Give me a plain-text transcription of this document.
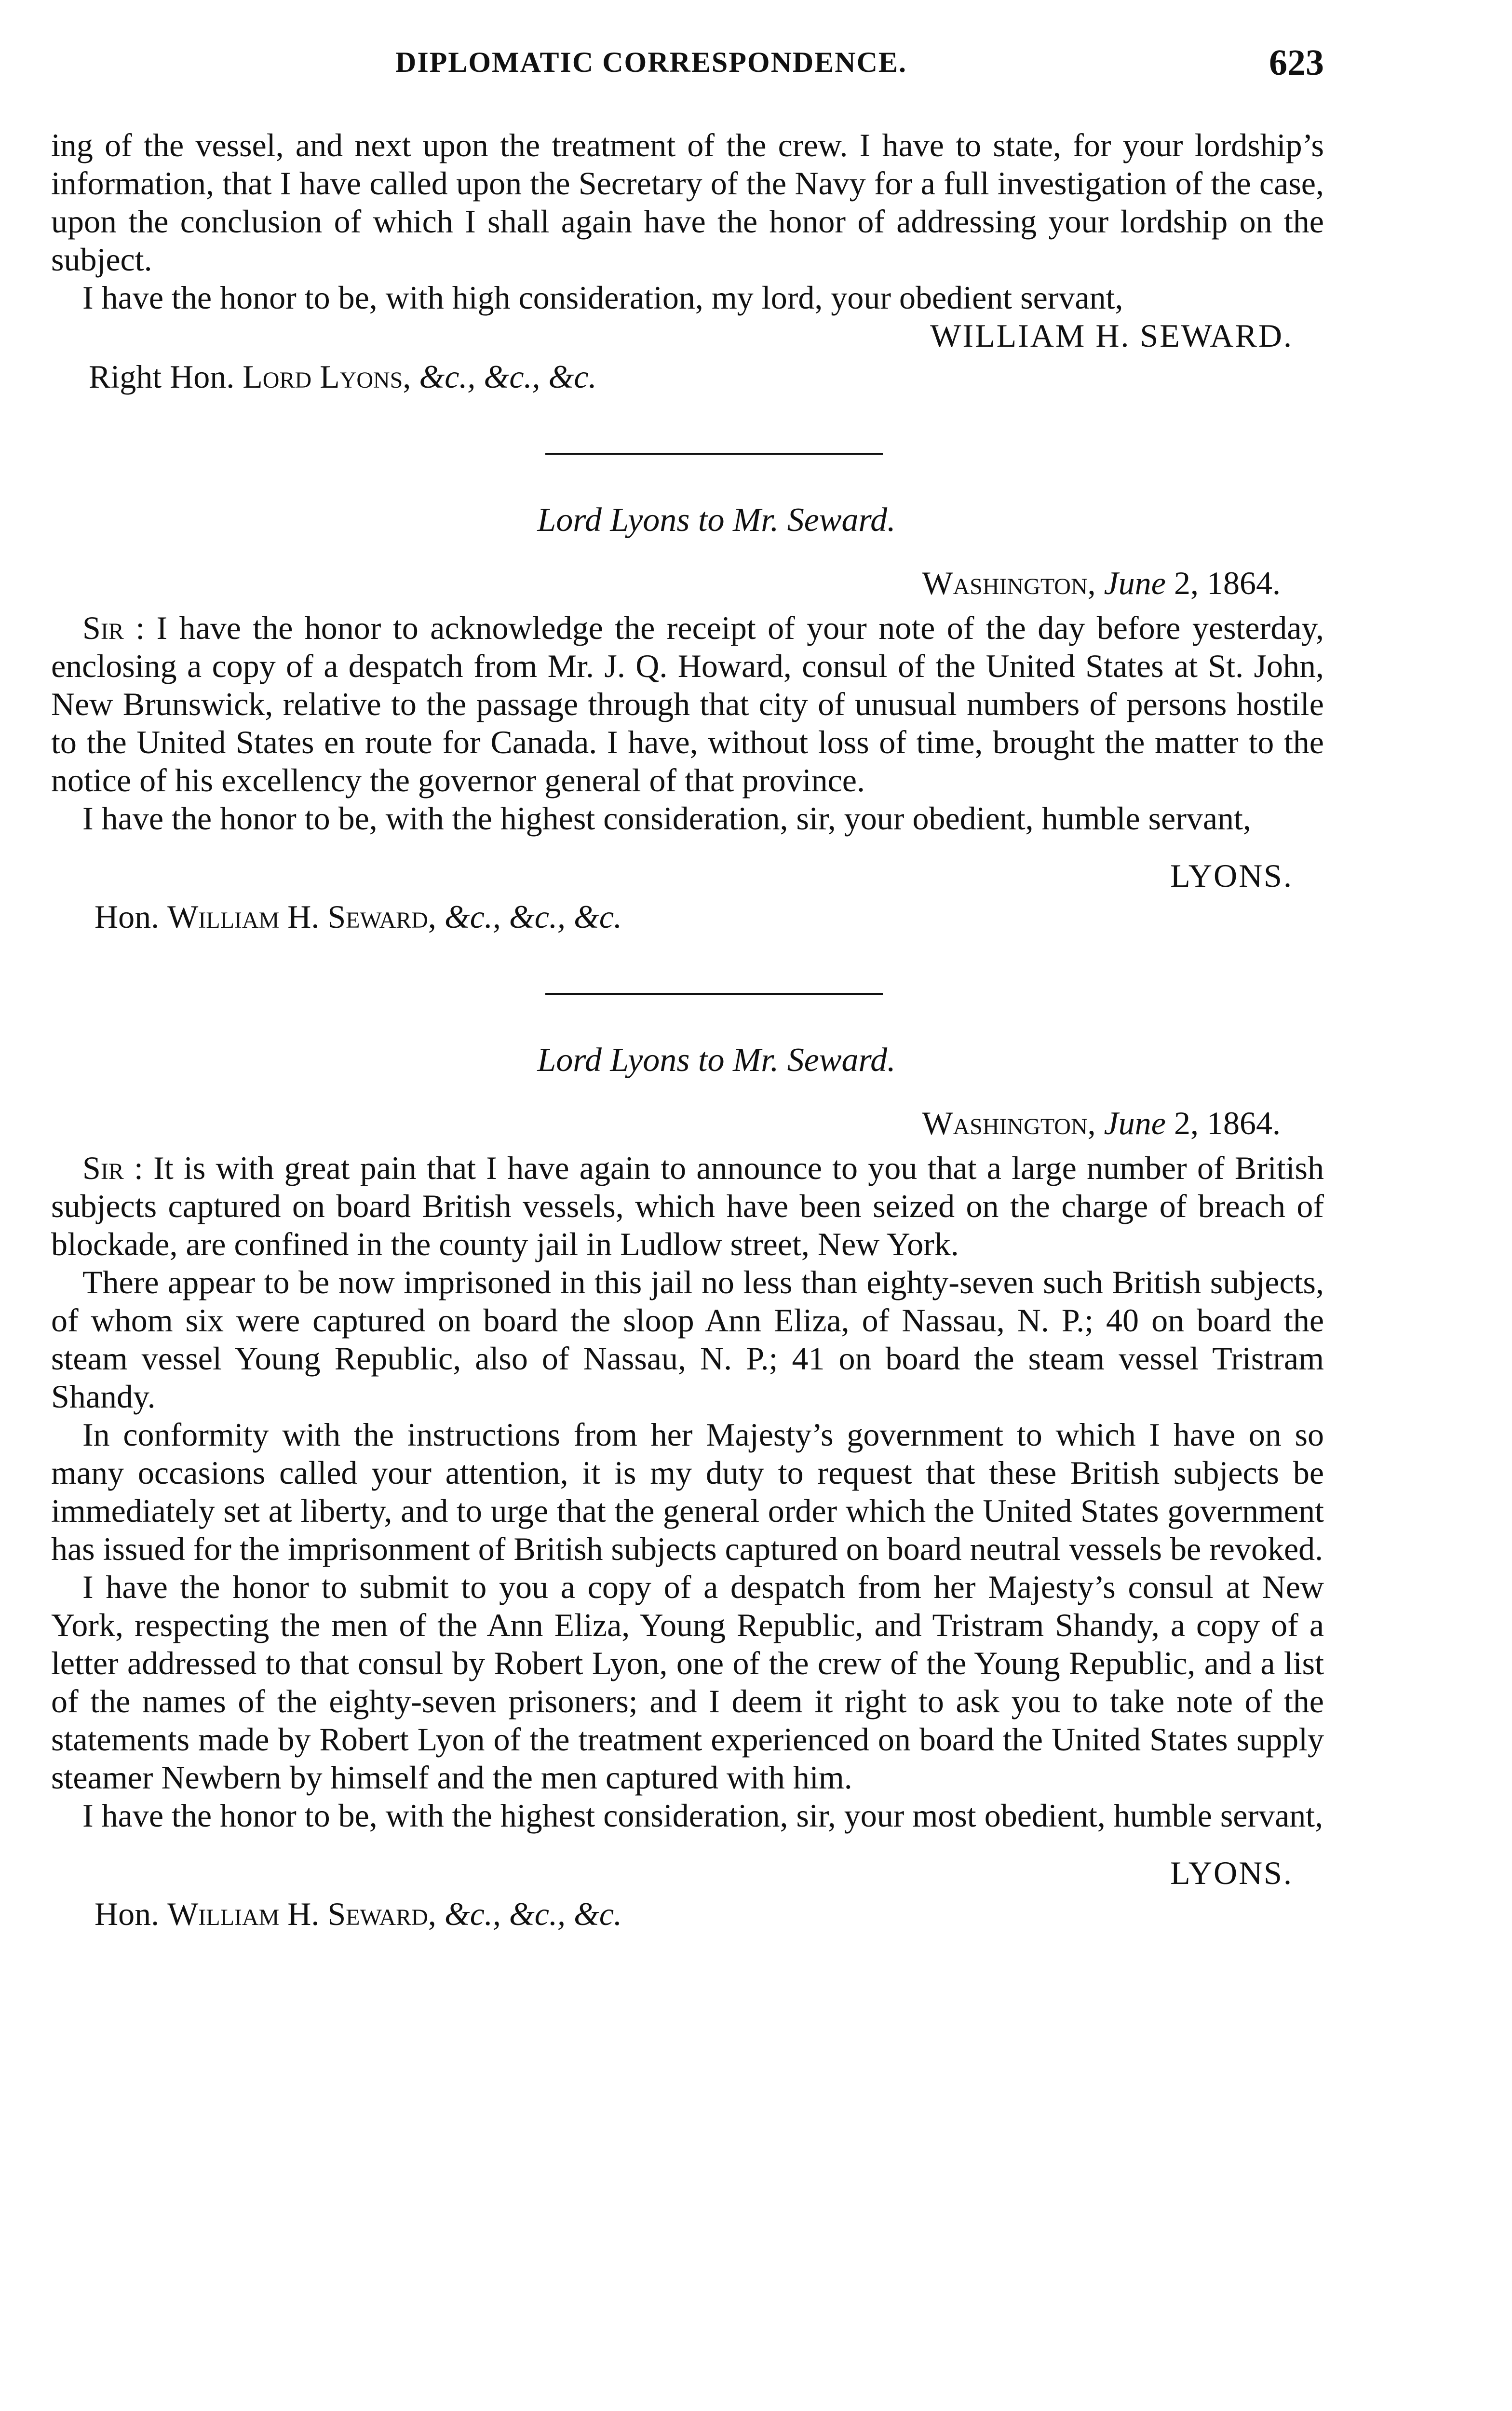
DIPLOMATIC CORRESPONDENCE.	623

ing of the vessel, and next upon the treatment of the crew. I have to state, for your lordship’s information, that I have called upon the Secretary of the Navy for a full investigation of the case, upon the conclusion of which I shall again have the honor of addressing your lordship on the subject.

I have the honor to be, with high consideration, my lord, your obedient servant,

WILLIAM H. SEWARD.

Right Hon. Lord Lyons, &c., &c., &c.

Lord Lyons to Mr. Seward.

Washington, June 2, 1864.

Sir : I have the honor to acknowledge the receipt of your note of the day before yesterday, enclosing a copy of a despatch from Mr. J. Q. Howard, consul of the United States at St. John, New Brunswick, relative to the passage through that city of unusual numbers of persons hostile to the United States en route for Canada. I have, without loss of time, brought the matter to the notice of his excellency the governor general of that province.

I have the honor to be, with the highest consideration, sir, your obedient, humble servant,

LYONS.

Hon. William H. Seward, &c., &c., &c.

Lord Lyons to Mr. Seward.

Washington, June 2, 1864.

Sir : It is with great pain that I have again to announce to you that a large number of British subjects captured on board British vessels, which have been seized on the charge of breach of blockade, are confined in the county jail in Ludlow street, New York.

There appear to be now imprisoned in this jail no less than eighty-seven such British subjects, of whom six were captured on board the sloop Ann Eliza, of Nassau, N. P.; 40 on board the steam vessel Young Republic, also of Nassau, N. P.; 41 on board the steam vessel Tristram Shandy.

In conformity with the instructions from her Majesty’s government to which I have on so many occasions called your attention, it is my duty to request that these British subjects be immediately set at liberty, and to urge that the general order which the United States government has issued for the imprisonment of British subjects captured on board neutral vessels be revoked.

I have the honor to submit to you a copy of a despatch from her Majesty’s consul at New York, respecting the men of the Ann Eliza, Young Republic, and Tristram Shandy, a copy of a letter addressed to that consul by Robert Lyon, one of the crew of the Young Republic, and a list of the names of the eighty-seven prisoners; and I deem it right to ask you to take note of the statements made by Robert Lyon of the treatment experienced on board the United States supply steamer Newbern by himself and the men captured with him.

I have the honor to be, with the highest consideration, sir, your most obedient, humble servant,

LYONS.

Hon. William H. Seward, &c., &c., &c.
